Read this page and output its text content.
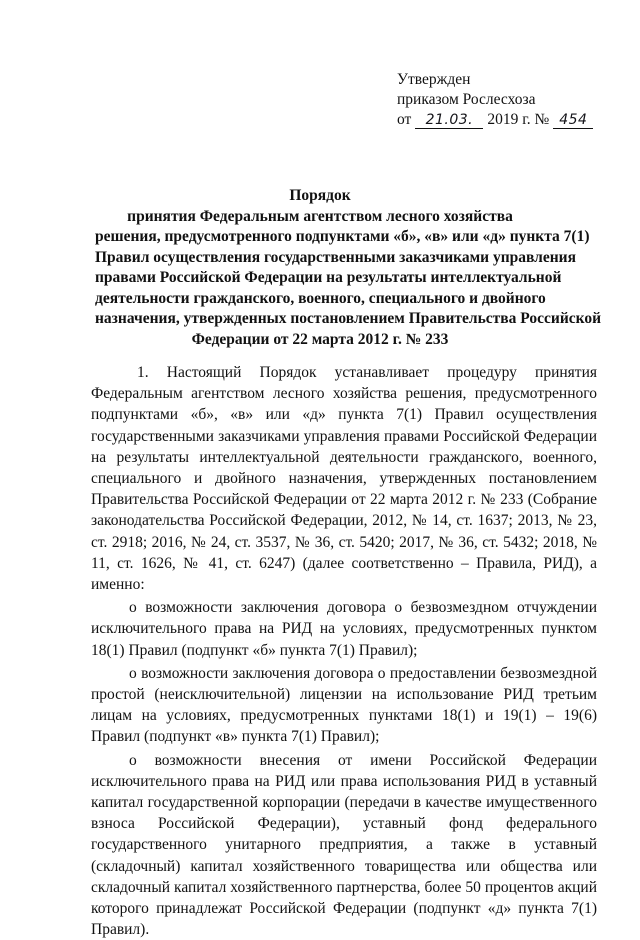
Утвержден
приказом Рослесхоза
от 21.03. 2019 г. № 454
Порядок
принятия Федеральным агентством лесного хозяйства
решения, предусмотренного подпунктами «б», «в» или «д» пункта 7(1)
Правил осуществления государственными заказчиками управления
правами Российской Федерации на результаты интеллектуальной
деятельности гражданского, военного, специального и двойного
назначения, утвержденных постановлением Правительства Российской
Федерации от 22 марта 2012 г. № 233

1. Настоящий Порядок устанавливает процедуру принятия Федеральным агентством лесного хозяйства решения, предусмотренного подпунктами «б», «в» или «д» пункта 7(1) Правил осуществления государственными заказчиками управления правами Российской Федерации на результаты интеллектуальной деятельности гражданского, военного, специального и двойного назначения, утвержденных постановлением Правительства Российской Федерации от 22 марта 2012 г. № 233 (Собрание законодательства Российской Федерации, 2012, № 14, ст. 1637; 2013, № 23, ст. 2918; 2016, № 24, ст. 3537, № 36, ст. 5420; 2017, № 36, ст. 5432; 2018, № 11, ст. 1626, № 41, ст. 6247) (далее соответственно – Правила, РИД), а именно:

о возможности заключения договора о безвозмездном отчуждении исключительного права на РИД на условиях, предусмотренных пунктом 18(1) Правил (подпункт «б» пункта 7(1) Правил);

о возможности заключения договора о предоставлении безвозмездной простой (неисключительной) лицензии на использование РИД третьим лицам на условиях, предусмотренных пунктами 18(1) и 19(1) – 19(6) Правил (подпункт «в» пункта 7(1) Правил);

о возможности внесения от имени Российской Федерации исключительного права на РИД или права использования РИД в уставный капитал государственной корпорации (передачи в качестве имущественного взноса Российской Федерации), уставный фонд федерального государственного унитарного предприятия, а также в уставный (складочный) капитал хозяйственного товарищества или общества или складочный капитал хозяйственного партнерства, более 50 процентов акций которого принадлежат Российской Федерации (подпункт «д» пункта 7(1) Правил).
